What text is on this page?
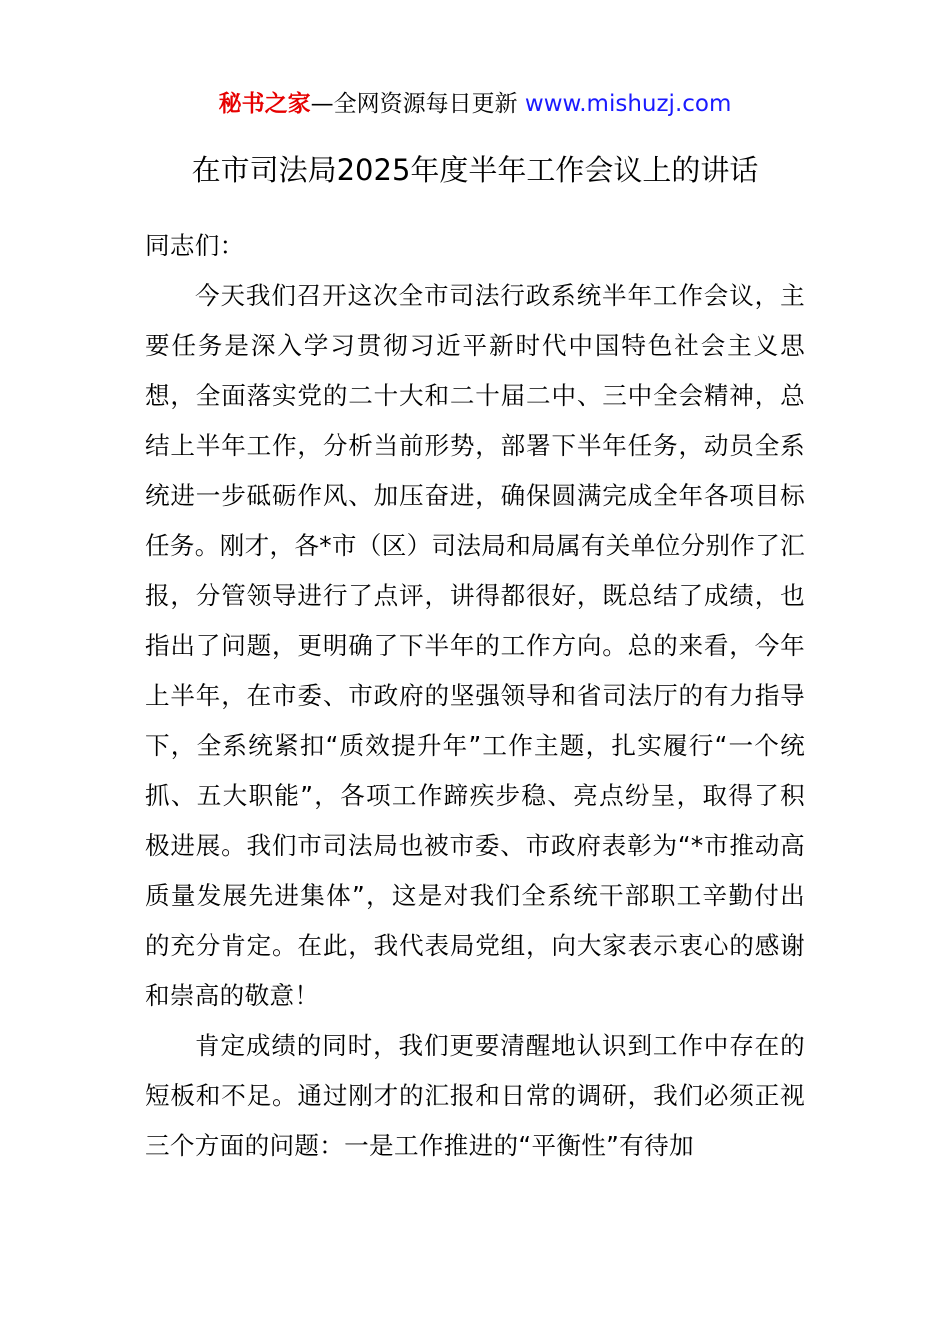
秘书之家—全网资源每日更新 www.mishuzj.com
在市司法局2025年度半年工作会议上的讲话

同志们：

今天我们召开这次全市司法行政系统半年工作会议，主要任务是深入学习贯彻习近平新时代中国特色社会主义思想，全面落实党的二十大和二十届二中、三中全会精神，总结上半年工作，分析当前形势，部署下半年任务，动员全系统进一步砥砺作风、加压奋进，确保圆满完成全年各项目标任务。刚才，各*市（区）司法局和局属有关单位分别作了汇报，分管领导进行了点评，讲得都很好，既总结了成绩，也指出了问题，更明确了下半年的工作方向。总的来看，今年上半年，在市委、市政府的坚强领导和省司法厅的有力指导下，全系统紧扣“质效提升年”工作主题，扎实履行“一个统抓、五大职能”，各项工作蹄疾步稳、亮点纷呈，取得了积极进展。我们市司法局也被市委、市政府表彰为“*市推动高质量发展先进集体”，这是对我们全系统干部职工辛勤付出的充分肯定。在此，我代表局党组，向大家表示衷心的感谢和崇高的敬意！

肯定成绩的同时，我们更要清醒地认识到工作中存在的短板和不足。通过刚才的汇报和日常的调研，我们必须正视三个方面的问题：一是工作推进的“平衡性”有待加
